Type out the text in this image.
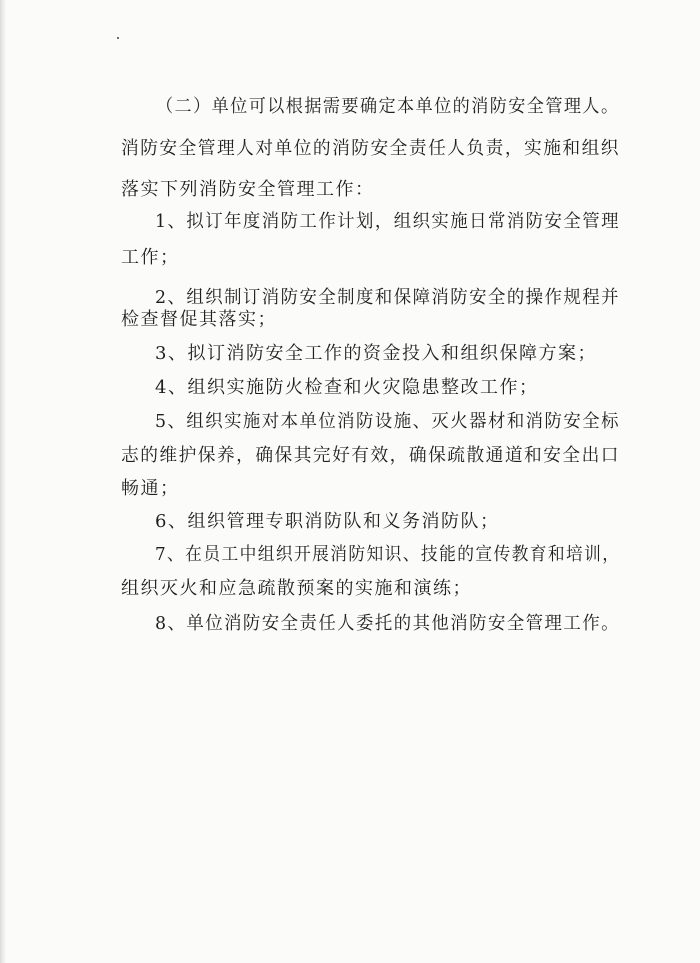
（二）单位可以根据需要确定本单位的消防安全管理人。

消防安全管理人对单位的消防安全责任人负责，实施和组织

落实下列消防安全管理工作：

1、拟订年度消防工作计划，组织实施日常消防安全管理

工作；

2、组织制订消防安全制度和保障消防安全的操作规程并

检查督促其落实；

3、拟订消防安全工作的资金投入和组织保障方案；

4、组织实施防火检查和火灾隐患整改工作；

5、组织实施对本单位消防设施、灭火器材和消防安全标

志的维护保养，确保其完好有效，确保疏散通道和安全出口

畅通；

6、组织管理专职消防队和义务消防队；

7、在员工中组织开展消防知识、技能的宣传教育和培训，

组织灭火和应急疏散预案的实施和演练；

8、单位消防安全责任人委托的其他消防安全管理工作。
